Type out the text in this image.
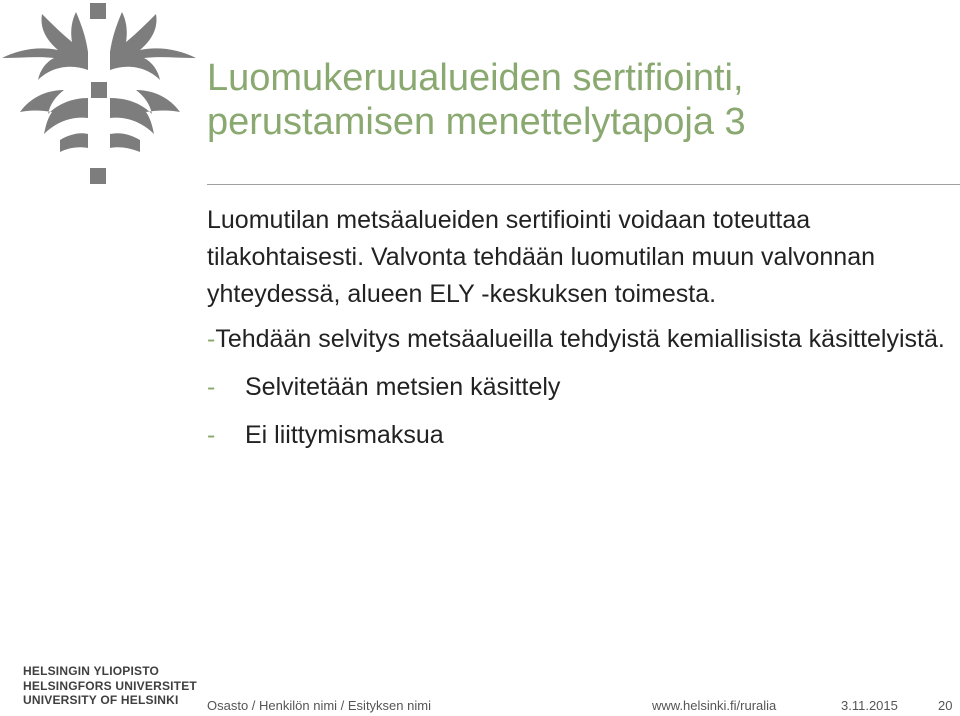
Luomukeruualueiden sertifiointi,
perustamisen menettelytapoja 3

Luomutilan metsäalueiden sertifiointi voidaan toteuttaa tilakohtaisesti. Valvonta tehdään luomutilan muun valvonnan yhteydessä, alueen ELY -keskuksen toimesta.

-Tehdään selvitys metsäalueilla tehdyistä kemiallisista käsittelyistä.

-	Selvitetään metsien käsittely

-	Ei liittymismaksua

HELSINGIN YLIOPISTO
HELSINGFORS UNIVERSITET
UNIVERSITY OF HELSINKI	Osasto / Henkilön nimi / Esityksen nimi	www.helsinki.fi/ruralia	3.11.2015	20
